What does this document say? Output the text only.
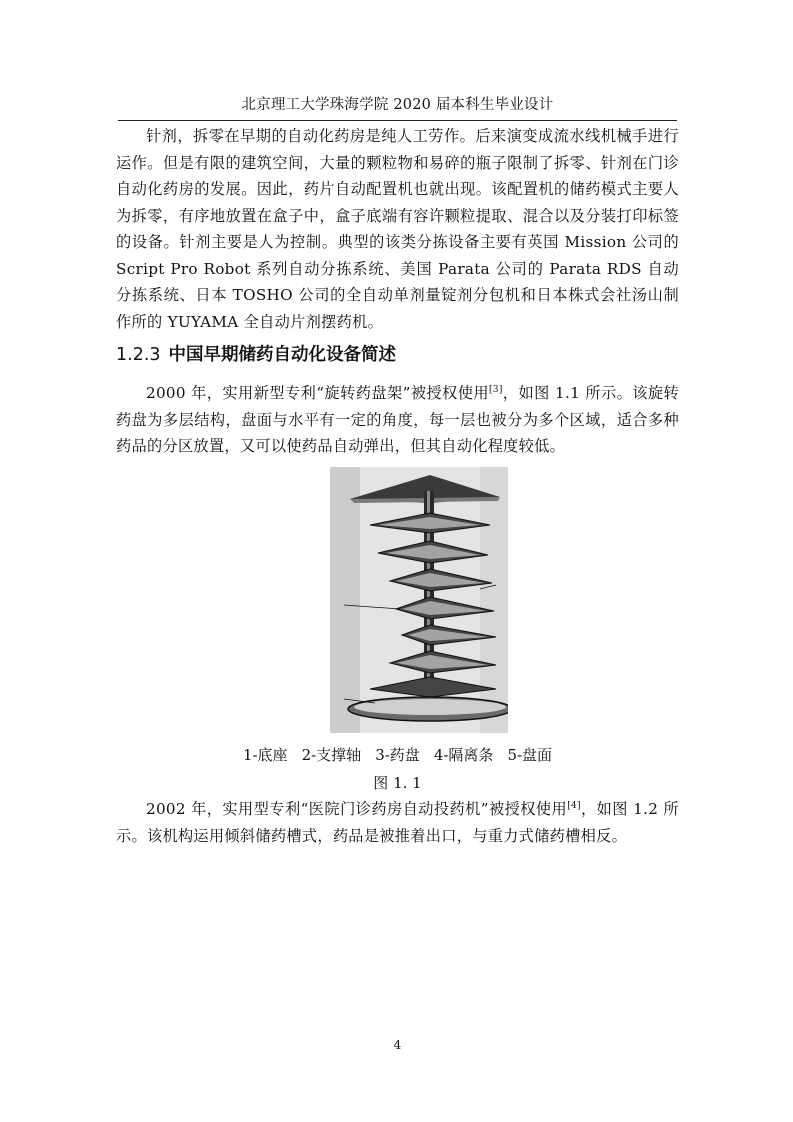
北京理工大学珠海学院 2020 届本科生毕业设计

针剂，拆零在早期的自动化药房是纯人工劳作。后来演变成流水线机械手进行运作。但是有限的建筑空间，大量的颗粒物和易碎的瓶子限制了拆零、针剂在门诊自动化药房的发展。因此，药片自动配置机也就出现。该配置机的储药模式主要人为拆零，有序地放置在盒子中，盒子底端有容许颗粒提取、混合以及分装打印标签的设备。针剂主要是人为控制。典型的该类分拣设备主要有英国 Mission 公司的 Script Pro Robot 系列自动分拣系统、美国 Parata 公司的 Parata RDS 自动分拣系统、日本 TOSHO 公司的全自动单剂量锭剂分包机和日本株式会社汤山制作所的 YUYAMA 全自动片剂摆药机。

1.2.3 中国早期储药自动化设备简述

2000 年，实用新型专利“旋转药盘架”被授权使用[3]，如图 1.1 所示。该旋转药盘为多层结构，盘面与水平有一定的角度，每一层也被分为多个区域，适合多种药品的分区放置，又可以使药品自动弹出，但其自动化程度较低。

1-底座 2-支撑轴 3-药盘 4-隔离条 5-盘面
图 1. 1

2002 年，实用型专利“医院门诊药房自动投药机”被授权使用[4]，如图 1.2 所示。该机构运用倾斜储药槽式，药品是被推着出口，与重力式储药槽相反。

4
